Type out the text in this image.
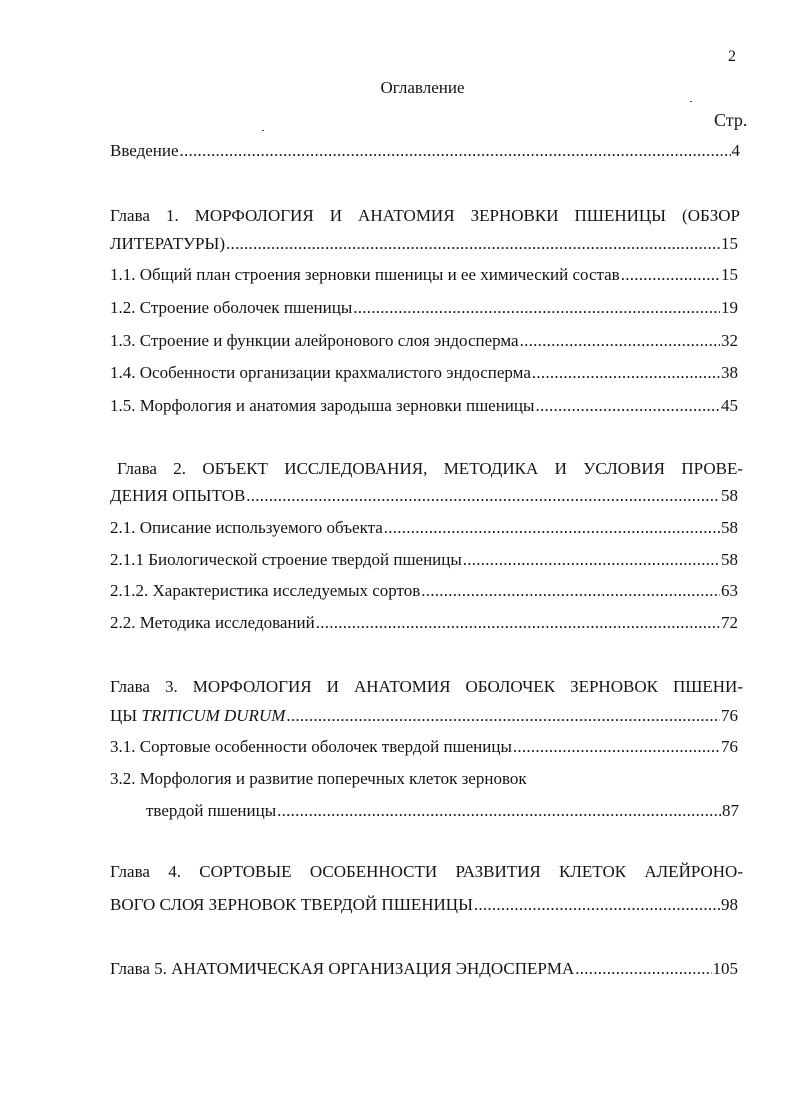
2
Оглавление
Стр.
Введение . . .	4
Глава 1. МОРФОЛОГИЯ И АНАТОМИЯ ЗЕРНОВКИ ПШЕНИЦЫ (ОБЗОР
ЛИТЕРАТУРЫ) . . .	15
1.1. Общий план строения зерновки пшеницы и ее химический состав . . .	15
1.2. Строение оболочек пшеницы . . .	19
1.3. Строение и функции алейронового слоя эндосперма . . .	32
1.4. Особенности организации крахмалистого эндосперма . . .	38
1.5. Морфология и анатомия зародыша зерновки пшеницы . . .	45
Глава 2. ОБЪЕКТ ИССЛЕДОВАНИЯ, МЕТОДИКА И УСЛОВИЯ ПРОВЕ-
ДЕНИЯ ОПЫТОВ . . .	58
2.1. Описание используемого объекта . . .	58
2.1.1 Биологической строение твердой пшеницы . . .	58
2.1.2. Характеристика исследуемых сортов . . .	63
2.2. Методика исследований . . .	72
Глава 3. МОРФОЛОГИЯ И АНАТОМИЯ ОБОЛОЧЕК ЗЕРНОВОК ПШЕНИ-
ЦЫ TRITICUM DURUM . . .	76
3.1. Сортовые особенности оболочек твердой пшеницы . . .	76
3.2. Морфология и развитие поперечных клеток зерновок
твердой пшеницы . . .	87
Глава 4. СОРТОВЫЕ ОСОБЕННОСТИ РАЗВИТИЯ КЛЕТОК АЛЕЙРОНО-
ВОГО СЛОЯ ЗЕРНОВОК ТВЕРДОЙ ПШЕНИЦЫ . . .	98
Глава 5. АНАТОМИЧЕСКАЯ ОРГАНИЗАЦИЯ ЭНДОСПЕРМА . . .	105
